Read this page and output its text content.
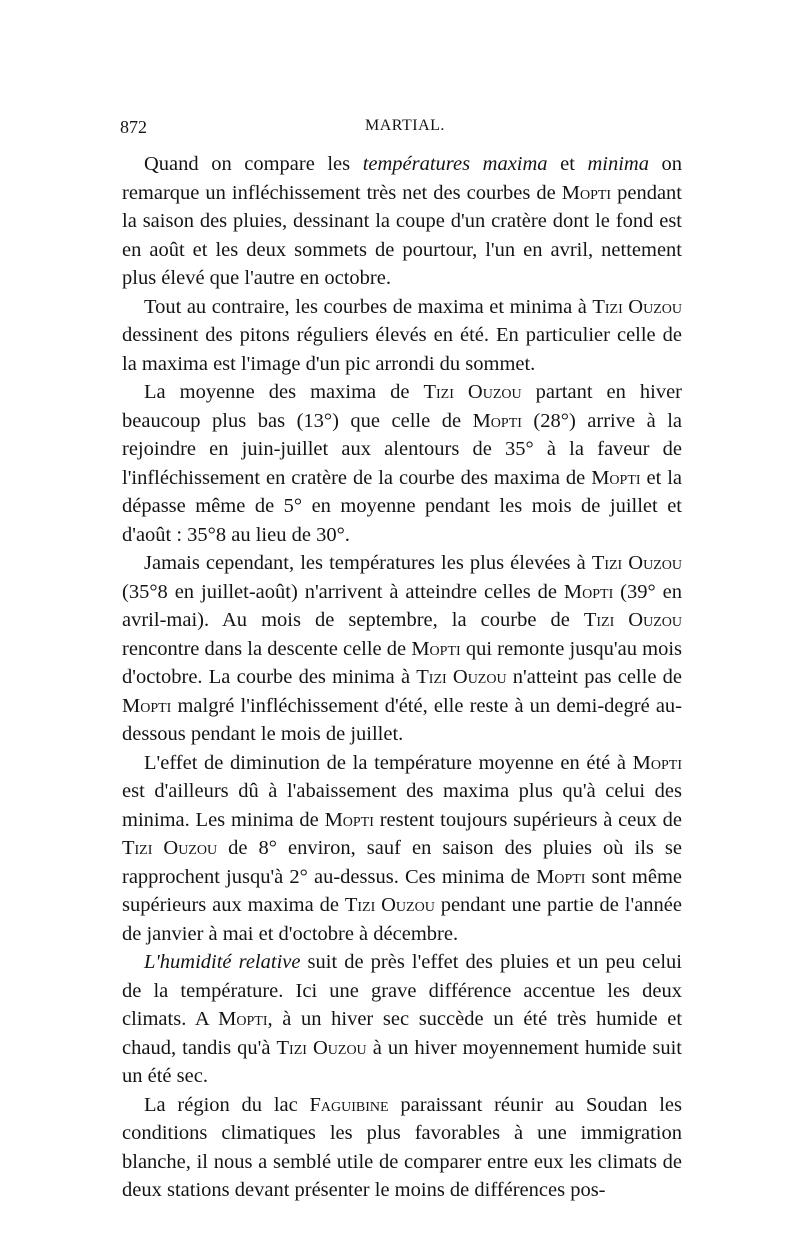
872	MARTIAL.

Quand on compare les températures maxima et minima on remarque un infléchissement très net des courbes de Mopti pendant la saison des pluies, dessinant la coupe d'un cratère dont le fond est en août et les deux sommets de pourtour, l'un en avril, nettement plus élevé que l'autre en octobre.

Tout au contraire, les courbes de maxima et minima à Tizi Ouzou dessinent des pitons réguliers élevés en été. En particulier celle de la maxima est l'image d'un pic arrondi du sommet.

La moyenne des maxima de Tizi Ouzou partant en hiver beaucoup plus bas (13°) que celle de Mopti (28°) arrive à la rejoindre en juin-juillet aux alentours de 35° à la faveur de l'infléchissement en cratère de la courbe des maxima de Mopti et la dépasse même de 5° en moyenne pendant les mois de juillet et d'août : 35°8 au lieu de 30°.

Jamais cependant, les températures les plus élevées à Tizi Ouzou (35°8 en juillet-août) n'arrivent à atteindre celles de Mopti (39° en avril-mai). Au mois de septembre, la courbe de Tizi Ouzou rencontre dans la descente celle de Mopti qui remonte jusqu'au mois d'octobre. La courbe des minima à Tizi Ouzou n'atteint pas celle de Mopti malgré l'infléchissement d'été, elle reste à un demi-degré au-dessous pendant le mois de juillet.

L'effet de diminution de la température moyenne en été à Mopti est d'ailleurs dû à l'abaissement des maxima plus qu'à celui des minima. Les minima de Mopti restent toujours supérieurs à ceux de Tizi Ouzou de 8° environ, sauf en saison des pluies où ils se rapprochent jusqu'à 2° au-dessus. Ces minima de Mopti sont même supérieurs aux maxima de Tizi Ouzou pendant une partie de l'année de janvier à mai et d'octobre à décembre.

L'humidité relative suit de près l'effet des pluies et un peu celui de la température. Ici une grave différence accentue les deux climats. A Mopti, à un hiver sec succède un été très humide et chaud, tandis qu'à Tizi Ouzou à un hiver moyennement humide suit un été sec.

La région du lac Faguibine paraissant réunir au Soudan les conditions climatiques les plus favorables à une immigration blanche, il nous a semblé utile de comparer entre eux les climats de deux stations devant présenter le moins de différences pos-
